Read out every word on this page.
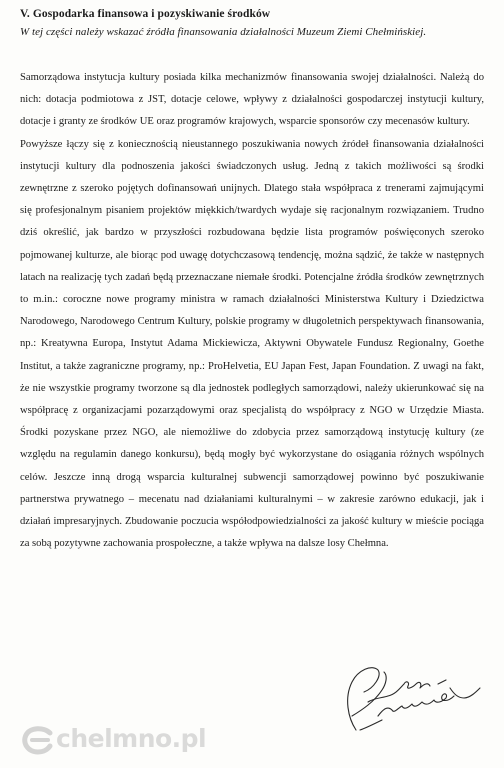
V. Gospodarka finansowa i pozyskiwanie środków
W tej części należy wskazać źródła finansowania działalności Muzeum Ziemi Chełmińskiej.

Samorządowa instytucja kultury posiada kilka mechanizmów finansowania swojej działalności. Należą do nich: dotacja podmiotowa z JST, dotacje celowe, wpływy z działalności gospodarczej instytucji kultury, dotacje i granty ze środków UE oraz programów krajowych, wsparcie sponsorów czy mecenasów kultury.

Powyższe łączy się z koniecznością nieustannego poszukiwania nowych źródeł finansowania działalności instytucji kultury dla podnoszenia jakości świadczonych usług. Jedną z takich możliwości są środki zewnętrzne z szeroko pojętych dofinansowań unijnych. Dlatego stała współpraca z trenerami zajmującymi się profesjonalnym pisaniem projektów miękkich/twardych wydaje się racjonalnym rozwiązaniem. Trudno dziś określić, jak bardzo w przyszłości rozbudowana będzie lista programów poświęconych szeroko pojmowanej kulturze, ale biorąc pod uwagę dotychczasową tendencję, można sądzić, że także w następnych latach na realizację tych zadań będą przeznaczane niemałe środki. Potencjalne źródła środków zewnętrznych to m.in.: coroczne nowe programy ministra w ramach działalności Ministerstwa Kultury i Dziedzictwa Narodowego, Narodowego Centrum Kultury, polskie programy w długoletnich perspektywach finansowania, np.: Kreatywna Europa, Instytut Adama Mickiewicza, Aktywni Obywatele Fundusz Regionalny, Goethe Institut, a także zagraniczne programy, np.: ProHelvetia, EU Japan Fest, Japan Foundation. Z uwagi na fakt, że nie wszystkie programy tworzone są dla jednostek podległych samorządowi, należy ukierunkować się na współpracę z organizacjami pozarządowymi oraz specjalistą do współpracy z NGO w Urzędzie Miasta. Środki pozyskane przez NGO, ale niemożliwe do zdobycia przez samorządową instytucję kultury (ze względu na regulamin danego konkursu), będą mogły być wykorzystane do osiągania różnych wspólnych celów. Jeszcze inną drogą wsparcia kulturalnej subwencji samorządowej powinno być poszukiwanie partnerstwa prywatnego – mecenatu nad działaniami kulturalnymi – w zakresie zarówno edukacji, jak i działań impresaryjnych. Zbudowanie poczucia współodpowiedzialności za jakość kultury w mieście pociąga za sobą pozytywne zachowania prospołeczne, a także wpływa na dalsze losy Chełmna.

chelmno.pl
